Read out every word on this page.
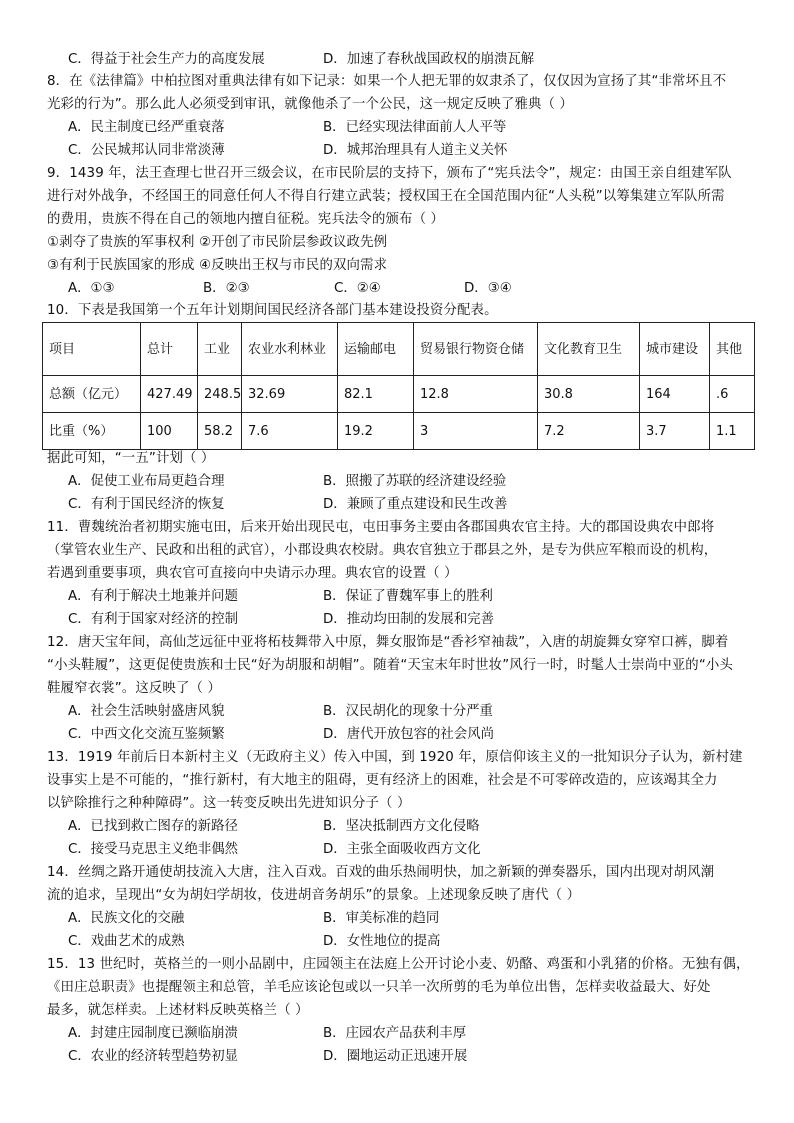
C．得益于社会生产力的高度发展	D．加速了春秋战国政权的崩溃瓦解
8．在《法律篇》中柏拉图对重典法律有如下记录：如果一个人把无罪的奴隶杀了，仅仅因为宣扬了其“非常坏且不
光彩的行为”。那么此人必须受到审讯，就像他杀了一个公民，这一规定反映了雅典（ ）
A．民主制度已经严重衰落	B．已经实现法律面前人人平等
C．公民城邦认同非常淡薄	D．城邦治理具有人道主义关怀
9．1439 年，法王查理七世召开三级会议，在市民阶层的支持下，颁布了“宪兵法令”，规定：由国王亲自组建军队
进行对外战争，不经国王的同意任何人不得自行建立武装；授权国王在全国范围内征“人头税”以筹集建立军队所需
的费用，贵族不得在自己的领地内擅自征税。宪兵法令的颁布（ ）
①剥夺了贵族的军事权利 ②开创了市民阶层参政议政先例
③有利于民族国家的形成 ④反映出王权与市民的双向需求
A．①③	B．②③	C．②④	D．③④
10．下表是我国第一个五年计划期间国民经济各部门基本建设投资分配表。
项目	总计	工业	农业水利林业	运输邮电	贸易银行物资仓储	文化教育卫生	城市建设	其他
总额（亿元）	427.49	248.5	32.69	82.1	12.8	30.8	164	.6
比重（%）	100	58.2	7.6	19.2	3	7.2	3.7	1.1
据此可知，“一五”计划（ ）
A．促使工业布局更趋合理	B．照搬了苏联的经济建设经验
C．有利于国民经济的恢复	D．兼顾了重点建设和民生改善
11．曹魏统治者初期实施屯田，后来开始出现民屯，屯田事务主要由各郡国典农官主持。大的郡国设典农中郎将
（掌管农业生产、民政和出租的武官），小郡设典农校尉。典农官独立于郡县之外，是专为供应军粮而设的机构，
若遇到重要事项，典农官可直接向中央请示办理。典农官的设置（ ）
A．有利于解决土地兼并问题	B．保证了曹魏军事上的胜利
C．有利于国家对经济的控制	D．推动均田制的发展和完善
12．唐天宝年间，高仙芝远征中亚将柘枝舞带入中原，舞女服饰是“香衫窄袖裁”，入唐的胡旋舞女穿窄口裤，脚着
“小头鞋履”，这更促使贵族和士民“好为胡服和胡帽”。随着“天宝末年时世妆”风行一时，时髦人士崇尚中亚的“小头
鞋履窄衣裳”。这反映了（ ）
A．社会生活映射盛唐风貌	B．汉民胡化的现象十分严重
C．中西文化交流互鉴频繁	D．唐代开放包容的社会风尚
13．1919 年前后日本新村主义（无政府主义）传入中国，到 1920 年，原信仰该主义的一批知识分子认为，新村建
设事实上是不可能的，“推行新村，有大地主的阻碍，更有经济上的困难，社会是不可零碎改造的，应该竭其全力
以铲除推行之种种障碍”。这一转变反映出先进知识分子（ ）
A．已找到救亡图存的新路径	B．坚决抵制西方文化侵略
C．接受马克思主义绝非偶然	D．主张全面吸收西方文化
14．丝绸之路开通使胡技流入大唐，注入百戏。百戏的曲乐热闹明快，加之新颖的弹奏器乐，国内出现对胡风潮
流的追求，呈现出“女为胡妇学胡妆，伎进胡音务胡乐”的景象。上述现象反映了唐代（ ）
A．民族文化的交融	B．审美标准的趋同
C．戏曲艺术的成熟	D．女性地位的提高
15．13 世纪时，英格兰的一则小品剧中，庄园领主在法庭上公开讨论小麦、奶酪、鸡蛋和小乳猪的价格。无独有偶，
《田庄总职责》也提醒领主和总管，羊毛应该论包或以一只羊一次所剪的毛为单位出售，怎样卖收益最大、好处
最多，就怎样卖。上述材料反映英格兰（ ）
A．封建庄园制度已濒临崩溃	B．庄园农产品获利丰厚
C．农业的经济转型趋势初显	D．圈地运动正迅速开展
